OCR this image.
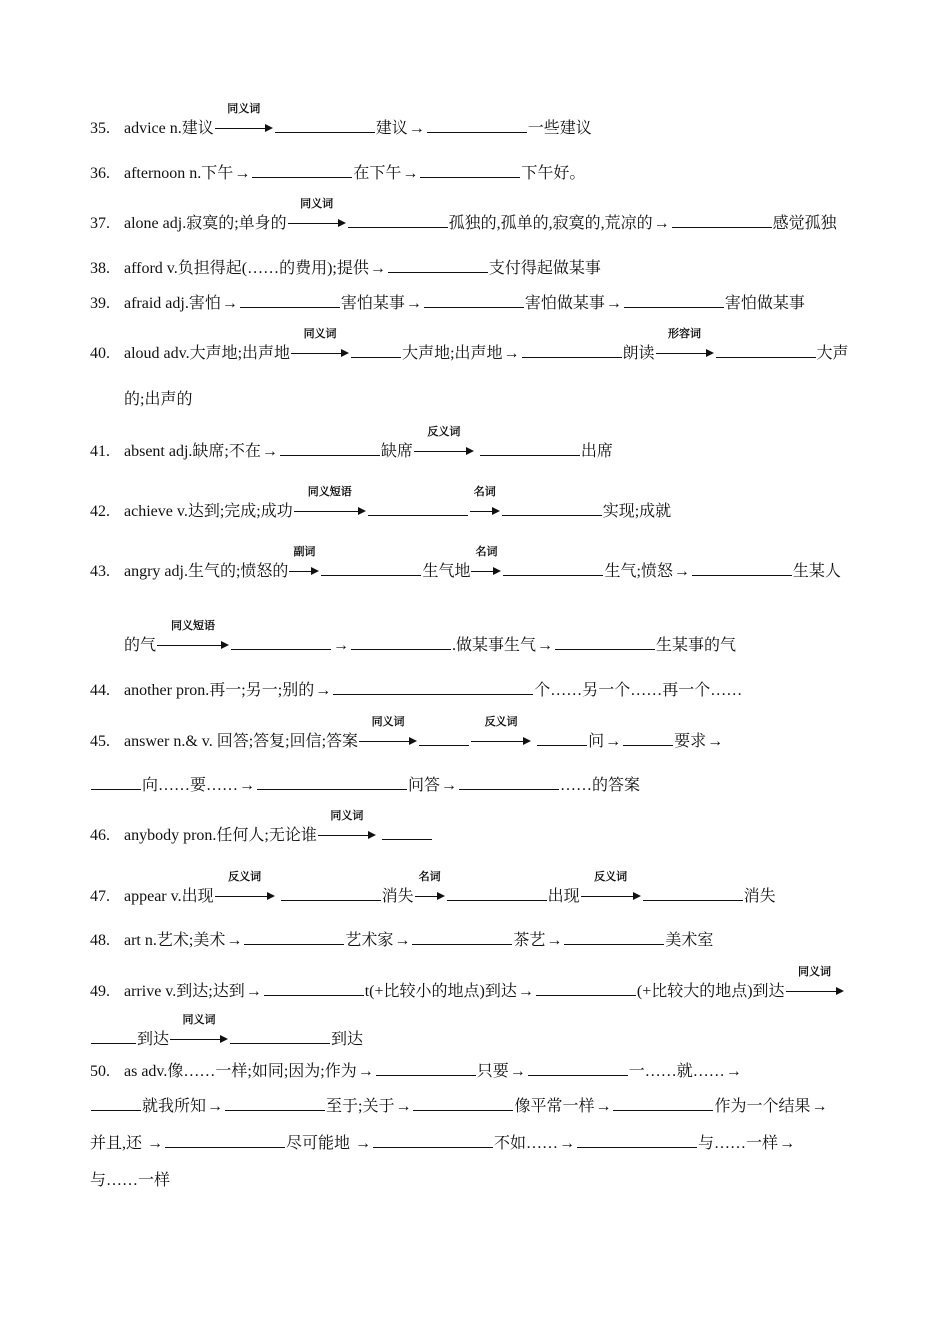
35. advice n.建议
同义词
建议→	一些建议
36. afternoon n.下午→	在下午→	下午好。
37. alone adj.寂寞的;单身的
同义词
孤独的,孤单的,寂寞的,荒凉的→	感觉孤独
38. afford v.负担得起(……的费用);提供→	支付得起做某事
39. afraid adj.害怕→	害怕某事→	害怕做某事→	害怕做某事
40. aloud adv.大声地;出声地
同义词
大声地;出声地→	朗读
形容词
大声
的;出声的
41. absent adj.缺席;不在→	缺席
反义词
出席
42. achieve v.达到;完成;成功
同义短语	名词
实现;成就
43. angry adj.生气的;愤怒的
副词
生气地
名词
生气;愤怒→	生某人
的气
同义短语
→	.做某事生气→	生某事的气
44. another pron.再一;另一;别的→	个……另一个……再一个……
45. answer n.& v. 回答;答复;回信;答案
同义词	反义词
问→	要求→
向……要……→	问答→	……的答案
46. anybody pron.任何人;无论谁
同义词

47. appear v.出现
反义词
消失
名词
出现
反义词
消失
48. art n.艺术;美术→	艺术家→	茶艺→	美术室
49. arrive v.到达;达到→	t(+比较小的地点)到达→	(+比较大的地点)到达
同义词
到达
同义词
到达
50. as adv.像……一样;如同;因为;作为→	只要→	一……就……→
就我所知→	至于;关于→	像平常一样→	作为一个结果→
并且,还 →	尽可能地 →	不如……→	与……一样→
与……一样
